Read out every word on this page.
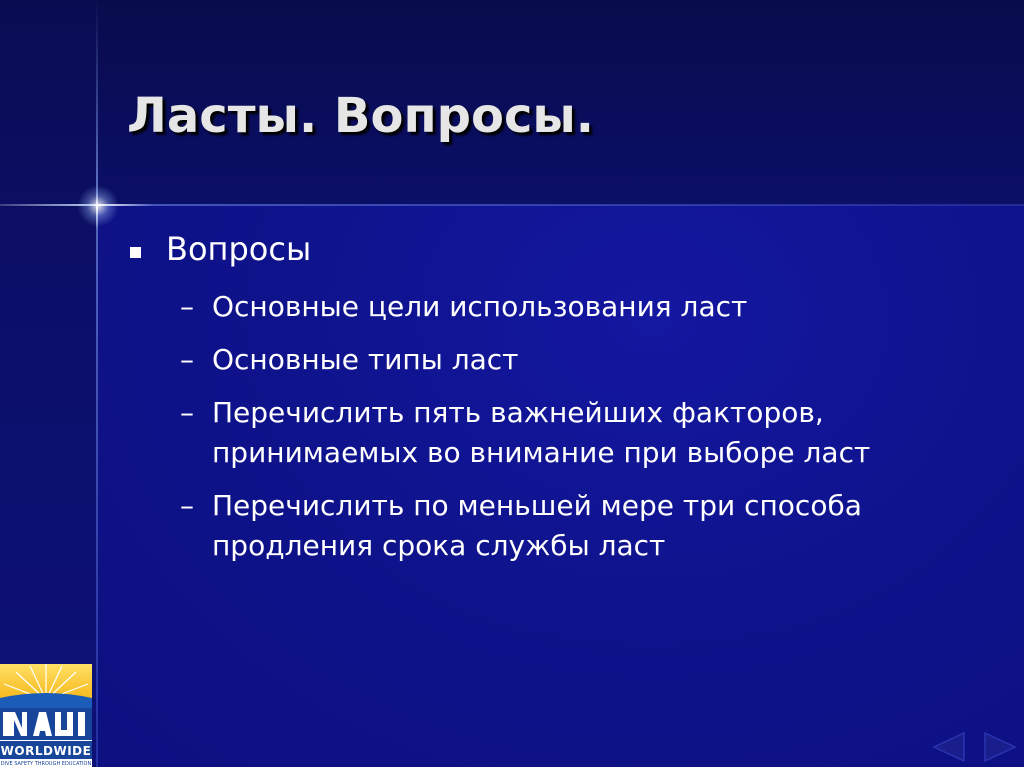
Ласты. Вопросы.
Вопросы
– Основные цели использования ласт
– Основные типы ласт
– Перечислить пять важнейших факторов, принимаемых во внимание при выборе ласт
– Перечислить по меньшей мере три способа продления срока службы ласт
WORLDWIDE
DIVE SAFETY THROUGH EDUCATION
